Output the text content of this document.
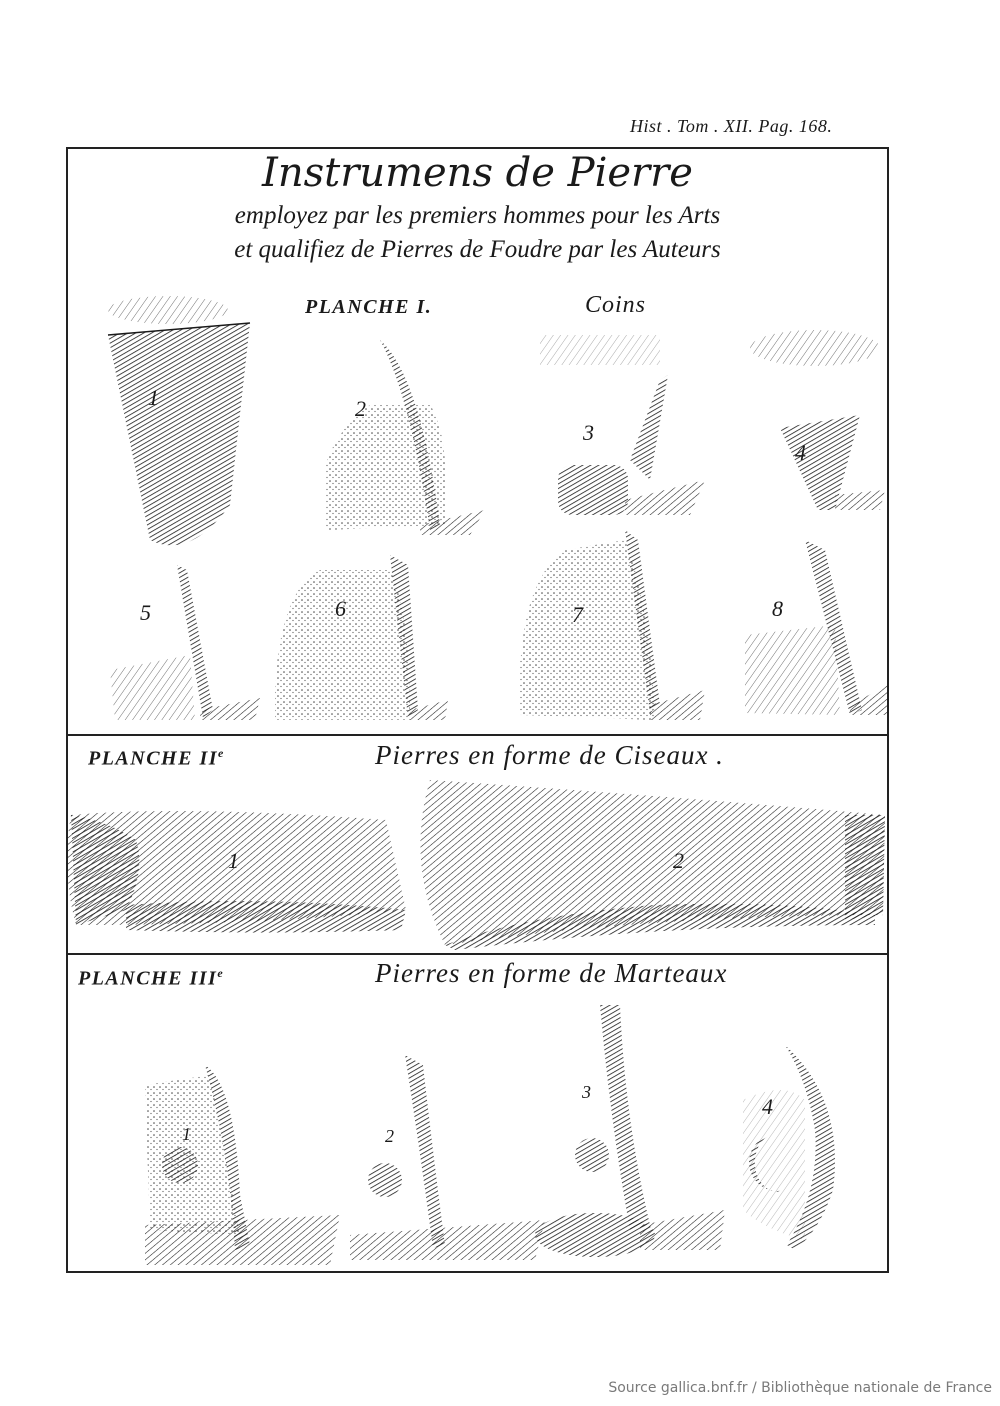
Hist . Tom . XII. Pag. 168.
Instrumens de Pierre
employez par les premiers hommes pour les Arts
et qualifiez de Pierres de Foudre par les Auteurs
PLANCHE I.	Coins
1	2
3
4
5	6	7	8
PLANCHE IIe	Pierres en forme de Ciseaux .
1	2
PLANCHE IIIe	Pierres en forme de Marteaux
1	2
3
4
Source gallica.bnf.fr / Bibliothèque nationale de France
